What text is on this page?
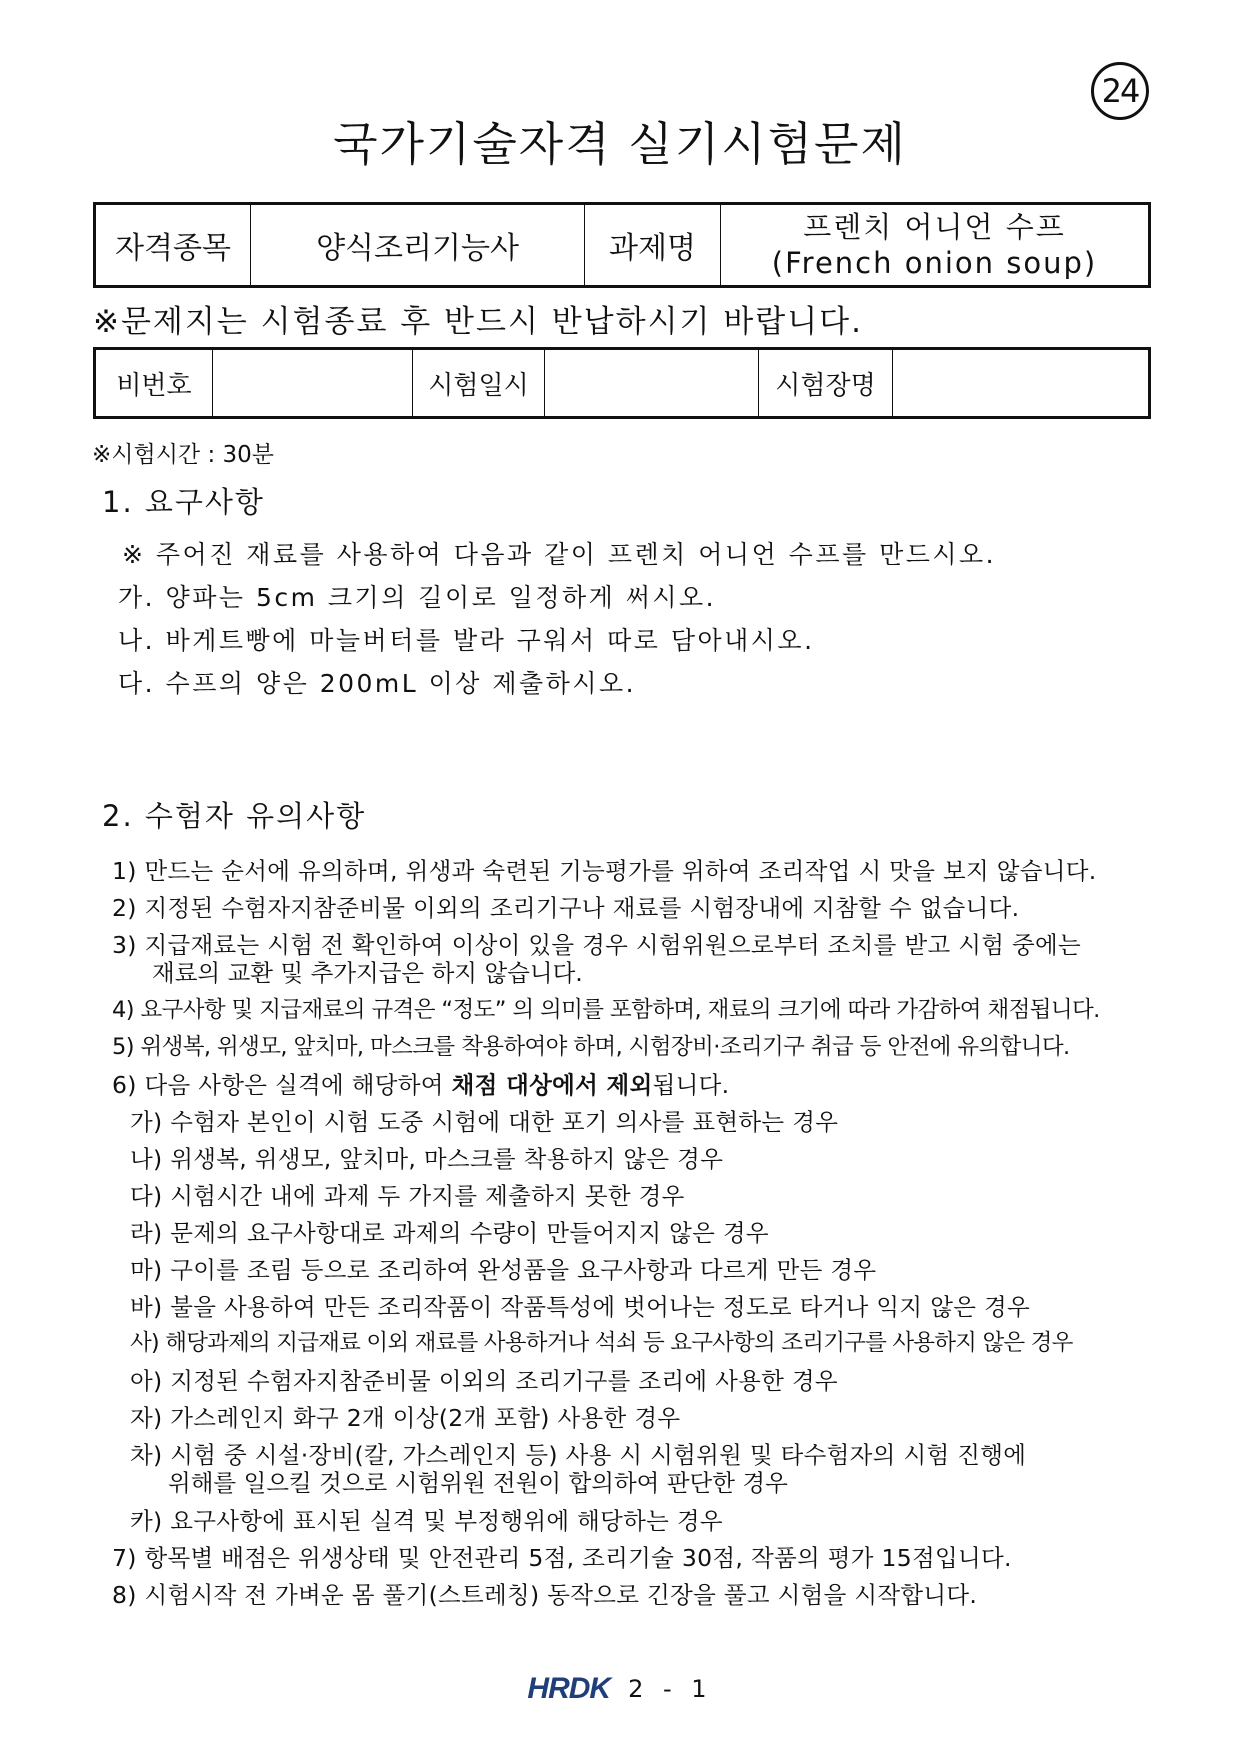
24
국가기술자격 실기시험문제
자격종목	양식조리기능사	과제명	
프렌치 어니언 수프
(French onion soup)
※문제지는 시험종료 후 반드시 반납하시기 바랍니다.
비번호		시험일시		시험장명	
※시험시간 : 30분
1. 요구사항
※ 주어진 재료를 사용하여 다음과 같이 프렌치 어니언 수프를 만드시오.
가. 양파는 5cm 크기의 길이로 일정하게 써시오.
나. 바게트빵에 마늘버터를 발라 구워서 따로 담아내시오.
다. 수프의 양은 200mL 이상 제출하시오.
2. 수험자 유의사항
1) 만드는 순서에 유의하며, 위생과 숙련된 기능평가를 위하여 조리작업 시 맛을 보지 않습니다.
2) 지정된 수험자지참준비물 이외의 조리기구나 재료를 시험장내에 지참할 수 없습니다.
3) 지급재료는 시험 전 확인하여 이상이 있을 경우 시험위원으로부터 조치를 받고 시험 중에는
재료의 교환 및 추가지급은 하지 않습니다.
4) 요구사항 및 지급재료의 규격은 “정도” 의 의미를 포함하며, 재료의 크기에 따라 가감하여 채점됩니다.
5) 위생복, 위생모, 앞치마, 마스크를 착용하여야 하며, 시험장비·조리기구 취급 등 안전에 유의합니다.
6) 다음 사항은 실격에 해당하여 채점 대상에서 제외됩니다.
가) 수험자 본인이 시험 도중 시험에 대한 포기 의사를 표현하는 경우
나) 위생복, 위생모, 앞치마, 마스크를 착용하지 않은 경우
다) 시험시간 내에 과제 두 가지를 제출하지 못한 경우
라) 문제의 요구사항대로 과제의 수량이 만들어지지 않은 경우
마) 구이를 조림 등으로 조리하여 완성품을 요구사항과 다르게 만든 경우
바) 불을 사용하여 만든 조리작품이 작품특성에 벗어나는 정도로 타거나 익지 않은 경우
사) 해당과제의 지급재료 이외 재료를 사용하거나 석쇠 등 요구사항의 조리기구를 사용하지 않은 경우
아) 지정된 수험자지참준비물 이외의 조리기구를 조리에 사용한 경우
자) 가스레인지 화구 2개 이상(2개 포함) 사용한 경우
차) 시험 중 시설·장비(칼, 가스레인지 등) 사용 시 시험위원 및 타수험자의 시험 진행에
위해를 일으킬 것으로 시험위원 전원이 합의하여 판단한 경우
카) 요구사항에 표시된 실격 및 부정행위에 해당하는 경우
7) 항목별 배점은 위생상태 및 안전관리 5점, 조리기술 30점, 작품의 평가 15점입니다.
8) 시험시작 전 가벼운 몸 풀기(스트레칭) 동작으로 긴장을 풀고 시험을 시작합니다.
HRDK 2 - 1
